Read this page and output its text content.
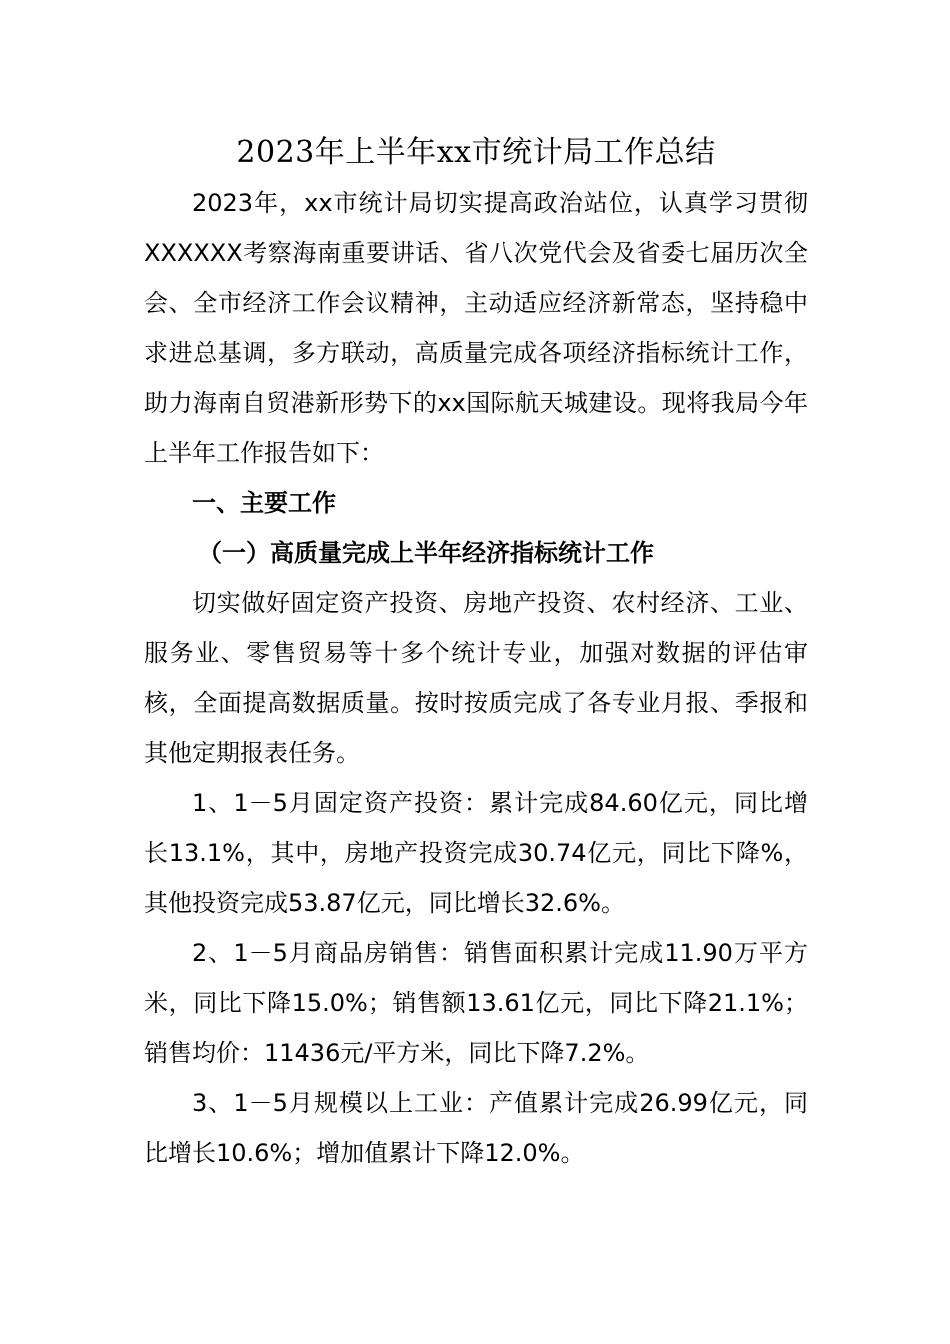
2023年上半年xx市统计局工作总结

2023年，xx市统计局切实提高政治站位，认真学习贯彻XXXXXX考察海南重要讲话、省八次党代会及省委七届历次全会、全市经济工作会议精神，主动适应经济新常态，坚持稳中求进总基调，多方联动，高质量完成各项经济指标统计工作，助力海南自贸港新形势下的xx国际航天城建设。现将我局今年上半年工作报告如下：

一、主要工作

（一）高质量完成上半年经济指标统计工作

切实做好固定资产投资、房地产投资、农村经济、工业、服务业、零售贸易等十多个统计专业，加强对数据的评估审核，全面提高数据质量。按时按质完成了各专业月报、季报和其他定期报表任务。

1、1－5月固定资产投资：累计完成84.60亿元，同比增长13.1%，其中，房地产投资完成30.74亿元，同比下降%，其他投资完成53.87亿元，同比增长32.6%。

2、1－5月商品房销售：销售面积累计完成11.90万平方米，同比下降15.0%；销售额13.61亿元，同比下降21.1%；销售均价：11436元/平方米，同比下降7.2%。

3、1－5月规模以上工业：产值累计完成26.99亿元，同比增长10.6%；增加值累计下降12.0%。
